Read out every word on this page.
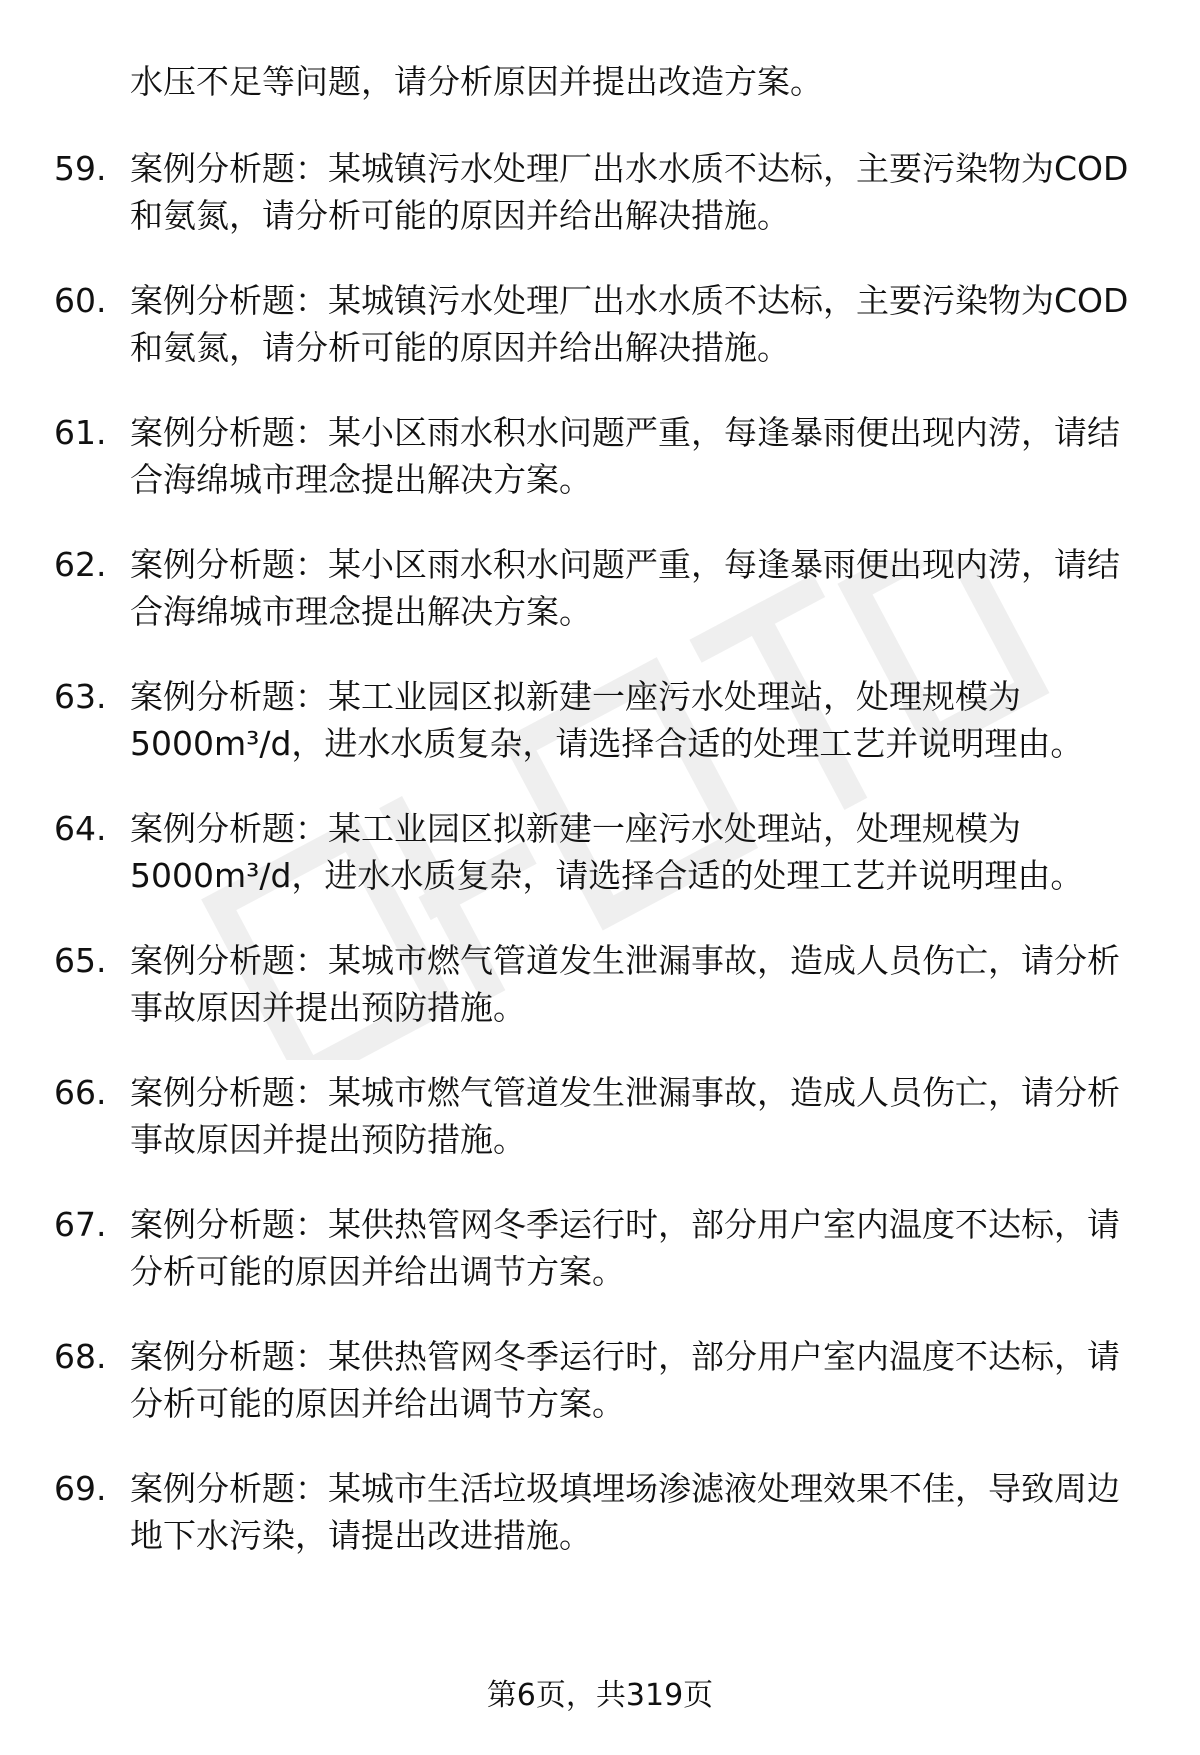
水压不足等问题，请分析原因并提出改造方案。

59. 案例分析题：某城镇污水处理厂出水水质不达标，主要污染物为COD和氨氮，请分析可能的原因并给出解决措施。
60. 案例分析题：某城镇污水处理厂出水水质不达标，主要污染物为COD和氨氮，请分析可能的原因并给出解决措施。
61. 案例分析题：某小区雨水积水问题严重，每逢暴雨便出现内涝，请结合海绵城市理念提出解决方案。
62. 案例分析题：某小区雨水积水问题严重，每逢暴雨便出现内涝，请结合海绵城市理念提出解决方案。
63. 案例分析题：某工业园区拟新建一座污水处理站，处理规模为5000m³/d，进水水质复杂，请选择合适的处理工艺并说明理由。
64. 案例分析题：某工业园区拟新建一座污水处理站，处理规模为5000m³/d，进水水质复杂，请选择合适的处理工艺并说明理由。
65. 案例分析题：某城市燃气管道发生泄漏事故，造成人员伤亡，请分析事故原因并提出预防措施。
66. 案例分析题：某城市燃气管道发生泄漏事故，造成人员伤亡，请分析事故原因并提出预防措施。
67. 案例分析题：某供热管网冬季运行时，部分用户室内温度不达标，请分析可能的原因并给出调节方案。
68. 案例分析题：某供热管网冬季运行时，部分用户室内温度不达标，请分析可能的原因并给出调节方案。
69. 案例分析题：某城市生活垃圾填埋场渗滤液处理效果不佳，导致周边地下水污染，请提出改进措施。
第6页，共319页
